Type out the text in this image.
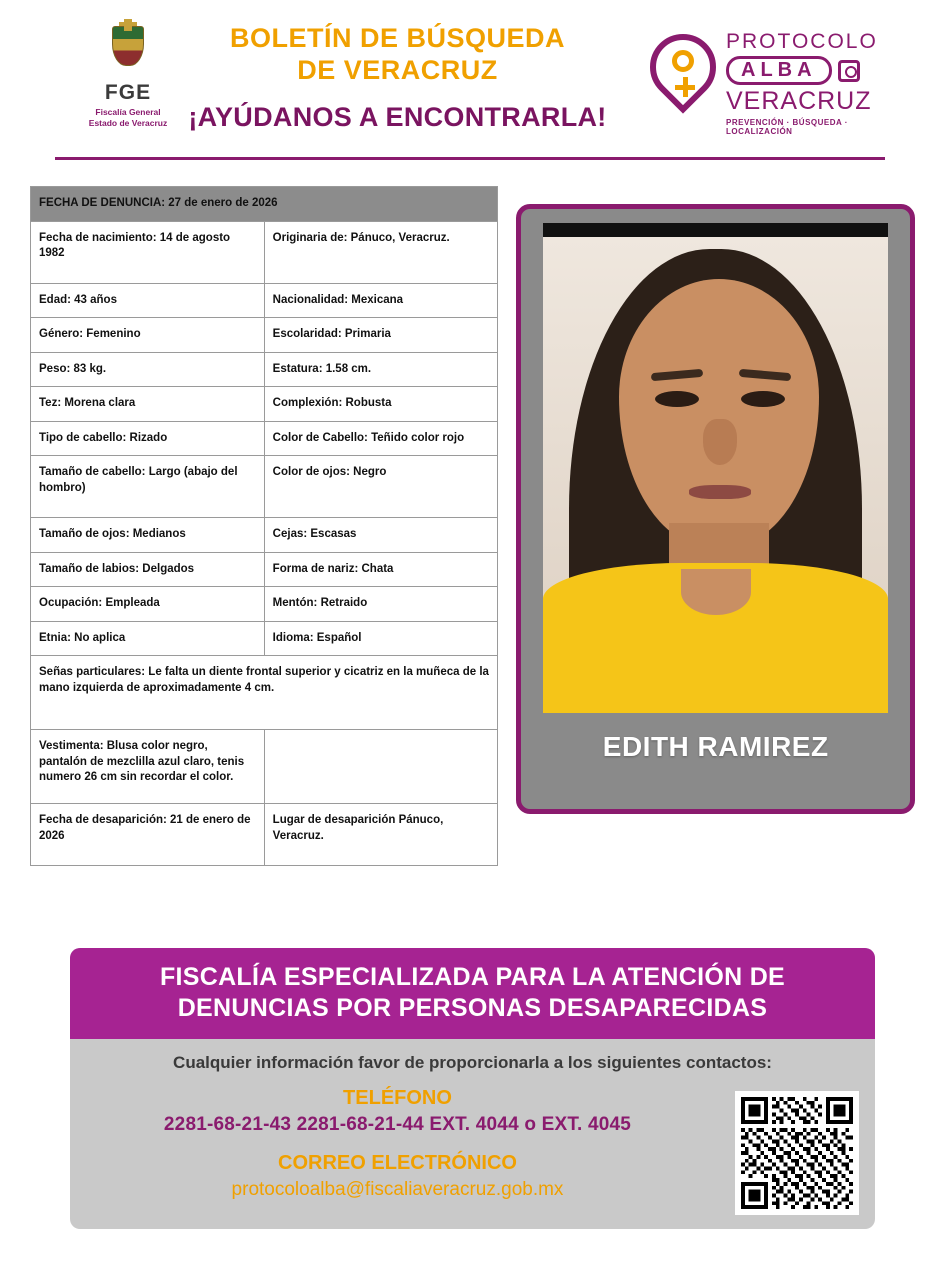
FGE
Fiscalía General
Estado de Veracruz
BOLETÍN DE BÚSQUEDA
DE VERACRUZ
¡AYÚDANOS A ENCONTRARLA!
PROTOCOLO
ALBA
VERACRUZ
PREVENCIÓN · BÚSQUEDA · LOCALIZACIÓN
FECHA DE DENUNCIA: 27 de enero de 2026	
Fecha de nacimiento: 14 de agosto 1982	Originaria de: Pánuco, Veracruz.
Edad: 43 años	Nacionalidad: Mexicana
Género: Femenino	Escolaridad: Primaria
Peso: 83 kg.	Estatura: 1.58 cm.
Tez: Morena clara	Complexión: Robusta
Tipo de cabello: Rizado	Color de Cabello: Teñido color rojo
Tamaño de cabello: Largo (abajo del hombro)	Color de ojos: Negro
Tamaño de ojos: Medianos	Cejas: Escasas
Tamaño de labios: Delgados	Forma de nariz: Chata
Ocupación: Empleada	Mentón: Retraido
Etnia: No aplica	Idioma: Español
Señas particulares: Le falta un diente frontal superior y cicatriz en la muñeca de la mano izquierda de aproximadamente 4 cm.	
Vestimenta: Blusa color negro, pantalón de mezclilla azul claro, tenis numero 26 cm sin recordar el color.	
Fecha de desaparición: 21 de enero de 2026	Lugar de desaparición Pánuco, Veracruz.
EDITH RAMIREZ
FISCALÍA ESPECIALIZADA PARA LA ATENCIÓN DE DENUNCIAS POR PERSONAS DESAPARECIDAS
Cualquier información favor de proporcionarla a los siguientes contactos:
TELÉFONO
2281-68-21-43 2281-68-21-44 EXT. 4044 o EXT. 4045
CORREO ELECTRÓNICO
protocoloalba@fiscaliaveracruz.gob.mx
